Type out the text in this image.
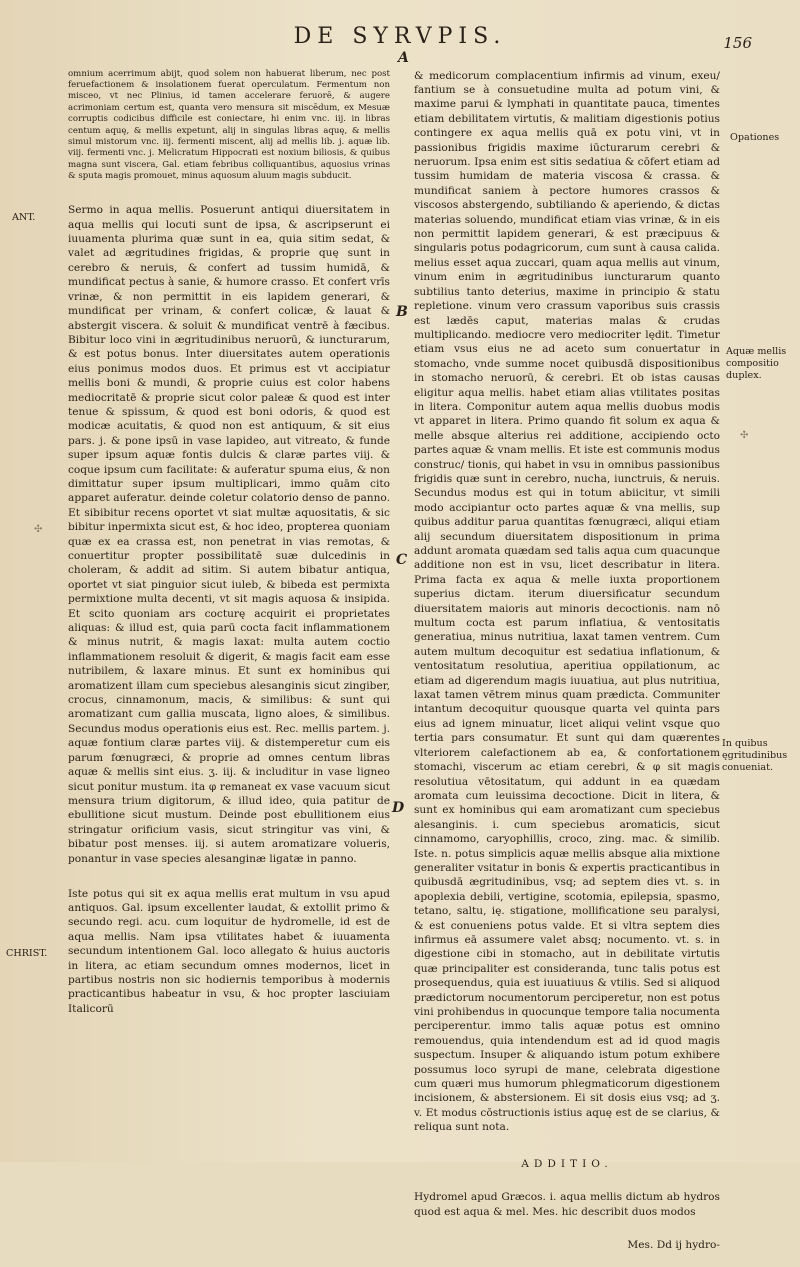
DE SYRVPIS.	156

omnium acerrimum abijt, quod solem non habuerat liberum, nec post feruefactionem & insolationem fuerat operculatum. Fermentum non misceo, vt nec Plinius, id tamen accelerare feruorē, & augere acrimoniam certum est, quanta vero mensura sit miscēdum, ex Mesuæ corruptis codicibus difficile est coniectare, hi enim vnc. iij. in libras centum aquę, & mellis expetunt, alij in singulas libras aquę, & mellis simul mistorum vnc. iij. fermenti miscent, alij ad mellis lib. j. aquæ lib. viij. fermenti vnc. j. Melicratum Hippocrati est noxium biliosis, & quibus magna sunt viscera, Gal. etiam febribus colliquantibus, aquosius vrinas & sputa magis promouet, minus aquosum aluum magis subducit.

Sermo in aqua mellis. Posuerunt antiqui diuersitatem in aqua mellis qui locuti sunt de ipsa, & ascripserunt ei iuuamenta plurima quæ sunt in ea, quia sitim sedat, & valet ad ægritudines frigidas, & proprie quę sunt in cerebro & neruis, & confert ad tussim humidā, & mundificat pectus à sanie, & humore crasso. Et confert vrīs vrinæ, & non permittit in eis lapidem generari, & mundificat per vrinam, & confert colicæ, & lauat & abstergit viscera. & soluit & mundificat ventrē à fæcibus. Bibitur loco vini in ægritudinibus neruorū, & iuncturarum, & est potus bonus. Inter diuersitates autem operationis eius ponimus modos duos. Et primus est vt accipiatur mellis boni & mundi, & proprie cuius est color habens mediocritatē & proprie sicut color paleæ & quod est inter tenue & spissum, & quod est boni odoris, & quod est modicæ acuitatis, & quod non est antiquum, & sit eius pars. j. & pone ipsū in vase lapideo, aut vitreato, & funde super ipsum aquæ fontis dulcis & claræ partes viij. & coque ipsum cum facilitate: & auferatur spuma eius, & non dimittatur super ipsum multiplicari, immo quām cito apparet auferatur. deinde coletur colatorio denso de panno. Et sibibitur recens oportet vt siat multæ aquositatis, & sic bibitur inpermixta sicut est, & hoc ideo, propterea quoniam quæ ex ea crassa est, non penetrat in vias remotas, & conuertitur propter possibilitatē suæ dulcedinis in choleram, & addit ad sitim. Si autem bibatur antiqua, oportet vt siat pinguior sicut iuleb, & bibeda est permixta permixtione multa decenti, vt sit magis aquosa & insipida. Et scito quoniam ars cocturę acquirit ei proprietates aliquas: & illud est, quia parū cocta facit inflammationem & minus nutrit, & magis laxat: multa autem coctio inflammationem resoluit & digerit, & magis facit eam esse nutribilem, & laxare minus. Et sunt ex hominibus qui aromatizent illam cum speciebus alesanginis sicut zingiber, crocus, cinnamonum, macis, & similibus: & sunt qui aromatizant cum gallia muscata, ligno aloes, & similibus. Secundus modus operationis eius est. Rec. mellis partem. j. aquæ fontium claræ partes viij. & distemperetur cum eis parum fœnugræci, & proprie ad omnes centum libras aquæ & mellis sint eius. ʒ. iij. & includitur in vase ligneo sicut ponitur mustum. ita φ remaneat ex vase vacuum sicut mensura trium digitorum, & illud ideo, quia patitur de ebullitione sicut mustum. Deinde post ebullitionem eius stringatur orificium vasis, sicut stringitur vas vini, & bibatur post menses. iij. si autem aromatizare volueris, ponantur in vase species alesanginæ ligatæ in panno.

Iste potus qui sit ex aqua mellis erat multum in vsu apud antiquos. Gal. ipsum excellenter laudat, & extollit primo & secundo regi. acu. cum loquitur de hydromelle, id est de aqua mellis. Nam ipsa vtilitates habet & iuuamenta secundum intentionem Gal. loco allegato & huius auctoris in litera, ac etiam secundum omnes modernos, licet in partibus nostris non sic hodiernis temporibus à modernis practicantibus habeatur in vsu, & hoc propter lasciuiam Italicorū

& medicorum complacentium infirmis ad vinum, exeu/ fantium se à consuetudine multa ad potum vini, & maxime parui & lymphati in quantitate pauca, timentes etiam debilitatem virtutis, & malitiam digestionis potius contingere ex aqua mellis quā ex potu vini, vt in passionibus frigidis maxime iūcturarum cerebri & neruorum. Ipsa enim est sitis sedatiua & cōfert etiam ad tussim humidam de materia viscosa & crassa. & mundificat saniem à pectore humores crassos & viscosos abstergendo, subtiliando & aperiendo, & dictas materias soluendo, mundificat etiam vias vrinæ, & in eis non permittit lapidem generari, & est præcipuus & singularis potus podagricorum, cum sunt à causa calida. melius esset aqua zuccari, quam aqua mellis aut vinum, vinum enim in ægritudinibus iuncturarum quanto subtilius tanto deterius, maxime in principio & statu repletione. vinum vero crassum vaporibus suis crassis est lædēs caput, materias malas & crudas multiplicando. mediocre vero mediocriter lędit. Timetur etiam vsus eius ne ad aceto sum conuertatur in stomacho, vnde summe nocet quibusdā dispositionibus in stomacho neruorū, & cerebri. Et ob istas causas eligitur aqua mellis. habet etiam alias vtilitates positas in litera. Componitur autem aqua mellis duobus modis vt apparet in litera. Primo quando fit solum ex aqua & melle absque alterius rei additione, accipiendo octo partes aquæ & vnam mellis. Et iste est communis modus construc/ tionis, qui habet in vsu in omnibus passionibus frigidis quæ sunt in cerebro, nucha, iunctruis, & neruis. Secundus modus est qui in totum abiicitur, vt simili modo accipiantur octo partes aquæ & vna mellis, sup quibus additur parua quantitas fœnugræci, aliqui etiam alij secundum diuersitatem dispositionum in prima addunt aromata quædam sed talis aqua cum quacunque additione non est in vsu, licet describatur in litera. Prima facta ex aqua & melle iuxta proportionem superius dictam. iterum diuersificatur secundum diuersitatem maioris aut minoris decoctionis. nam nō multum cocta est parum inflatiua, & ventositatis generatiua, minus nutritiua, laxat tamen ventrem. Cum autem multum decoquitur est sedatiua inflationum, & ventositatum resolutiua, aperitiua oppilationum, ac etiam ad digerendum magis iuuatiua, aut plus nutritiua, laxat tamen vētrem minus quam prædicta. Communiter intantum decoquitur quousque quarta vel quinta pars eius ad ignem minuatur, licet aliqui velint vsque quo tertia pars consumatur. Et sunt qui dam quærentes vlteriorem calefactionem ab ea, & confortationem stomachi, viscerum ac etiam cerebri, & φ sit magis resolutiua vētositatum, qui addunt in ea quædam aromata cum leuissima decoctione. Dicit in litera, & sunt ex hominibus qui eam aromatizant cum speciebus alesanginis. i. cum speciebus aromaticis, sicut cinnamomo, caryophillis, croco, zing. mac. & similib. Iste. n. potus simplicis aquæ mellis absque alia mixtione generaliter vsitatur in bonis & expertis practicantibus in quibusdā ægritudinibus, vsq; ad septem dies vt. s. in apoplexia debili, vertigine, scotomia, epilepsia, spasmo, tetano, saltu, ię. stigatione, mollificatione seu paralysi, & est conueniens potus valde. Et si vltra septem dies infirmus eā assumere valet absq; nocumento. vt. s. in digestione cibi in stomacho, aut in debilitate virtutis quæ principaliter est consideranda, tunc talis potus est prosequendus, quia est iuuatiuus & vtilis. Sed si aliquod prædictorum nocumentorum perciperetur, non est potus vini prohibendus in quocunque tempore talia nocumenta perciperentur. immo talis aquæ potus est omnino remouendus, quia intendendum est ad id quod magis suspectum. Insuper & aliquando istum potum exhibere possumus loco syrupi de mane, celebrata digestione cum quæri mus humorum phlegmaticorum digestionem incisionem, & abstersionem. Ei sit dosis eius vsq; ad ʒ. v. Et modus cōstructionis istius aquę est de se clarius, & reliqua sunt nota.

ADDITIO.

Hydromel apud Græcos. i. aqua mellis dictum ab hydros quod est aqua & mel. Mes. hic describit duos modos

Mes. Dd ij hydro-

ANT.
CHRIST.
Opationes
Aquæ mellis compositio duplex.
In quibus ęgritudinibus conueniat.
A
B
C
D
✣
✣
